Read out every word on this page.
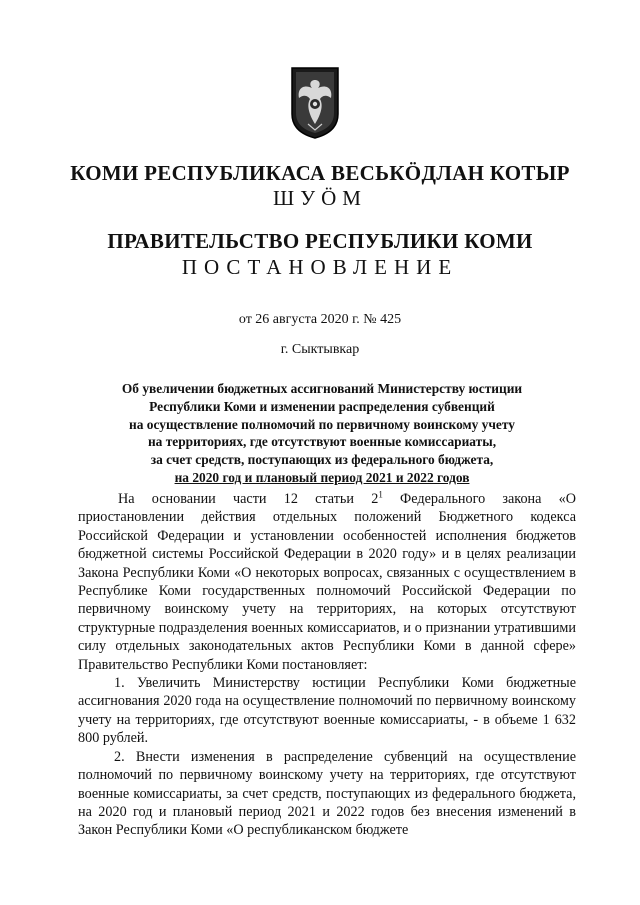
КОМИ РЕСПУБЛИКАСА ВЕСЬКÖДЛАН КОТЫР
ШУÖМ
ПРАВИТЕЛЬСТВО РЕСПУБЛИКИ КОМИ
ПОСТАНОВЛЕНИЕ
от 26 августа 2020 г. № 425
г. Сыктывкар
Об увеличении бюджетных ассигнований Министерству юстиции
Республики Коми и изменении распределения субвенций
на осуществление полномочий по первичному воинскому учету
на территориях, где отсутствуют военные комиссариаты,
за счет средств, поступающих из федерального бюджета,
на 2020 год и плановый период 2021 и 2022 годов

На основании части 12 статьи $2^1$ Федерального закона «О приостановлении действия отдельных положений Бюджетного кодекса Российской Федерации и установлении особенностей исполнения бюджетов бюджетной системы Российской Федерации в 2020 году» и в целях реализации Закона Республики Коми «О некоторых вопросах, связанных с осуществлением в Республике Коми государственных полномочий Российской Федерации по первичному воинскому учету на территориях, на которых отсутствуют структурные подразделения военных комиссариатов, и о признании утратившими силу отдельных законодательных актов Республики Коми в данной сфере» Правительство Республики Коми постановляет:

1. Увеличить Министерству юстиции Республики Коми бюджетные ассигнования 2020 года на осуществление полномочий по первичному воинскому учету на территориях, где отсутствуют военные комиссариаты, - в объеме 1 632 800 рублей.

2. Внести изменения в распределение субвенций на осуществление полномочий по первичному воинскому учету на территориях, где отсутствуют военные комиссариаты, за счет средств, поступающих из федерального бюджета, на 2020 год и плановый период 2021 и 2022 годов без внесения изменений в Закон Республики Коми «О республиканском бюджете
